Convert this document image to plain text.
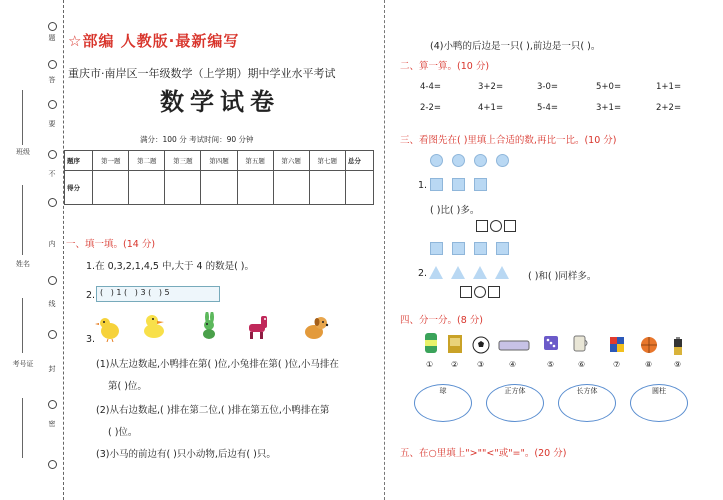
题
答
要
不
内
线
封
密
班级
姓名
考号证
☆部编 人教版·最新编写
重庆市·南岸区一年级数学（上学期）期中学业水平考试
数学试卷
满分：100 分 考试时间：90 分钟
题序	第一题	第二题	第三题	第四题	第五题	第六题	第七题	总分
得分								
一、填一填。(14 分)
1.在 0,3,2,1,4,5 中,大于 4 的数是( )。
2. (   ) 1 (   ) 3 (   ) 5
3.
(1)从左边数起,小鸭排在第( )位,小兔排在第( )位,小马排在
第( )位。
(2)从右边数起,( )排在第二位,( )排在第五位,小鸭排在第
( )位。
(3)小马的前边有( )只小动物,后边有( )只。
(4)小鸭的后边是一只( ),前边是一只( )。
二、算一算。(10 分)
4-4=	3+2=	3-0=	5+0=	1+1=
2-2=	4+1=	5-4=	3+1=	2+2=
三、看图先在( )里填上合适的数,再比一比。(10 分)
1.
( )比( )多。
2.	( )和( )同样多。
四、分一分。(8 分)
① ② ③	④	⑤	⑥	⑦	⑧	⑨
球	正方体	长方体	圆柱
五、在○里填上">""<"或"="。(20 分)
